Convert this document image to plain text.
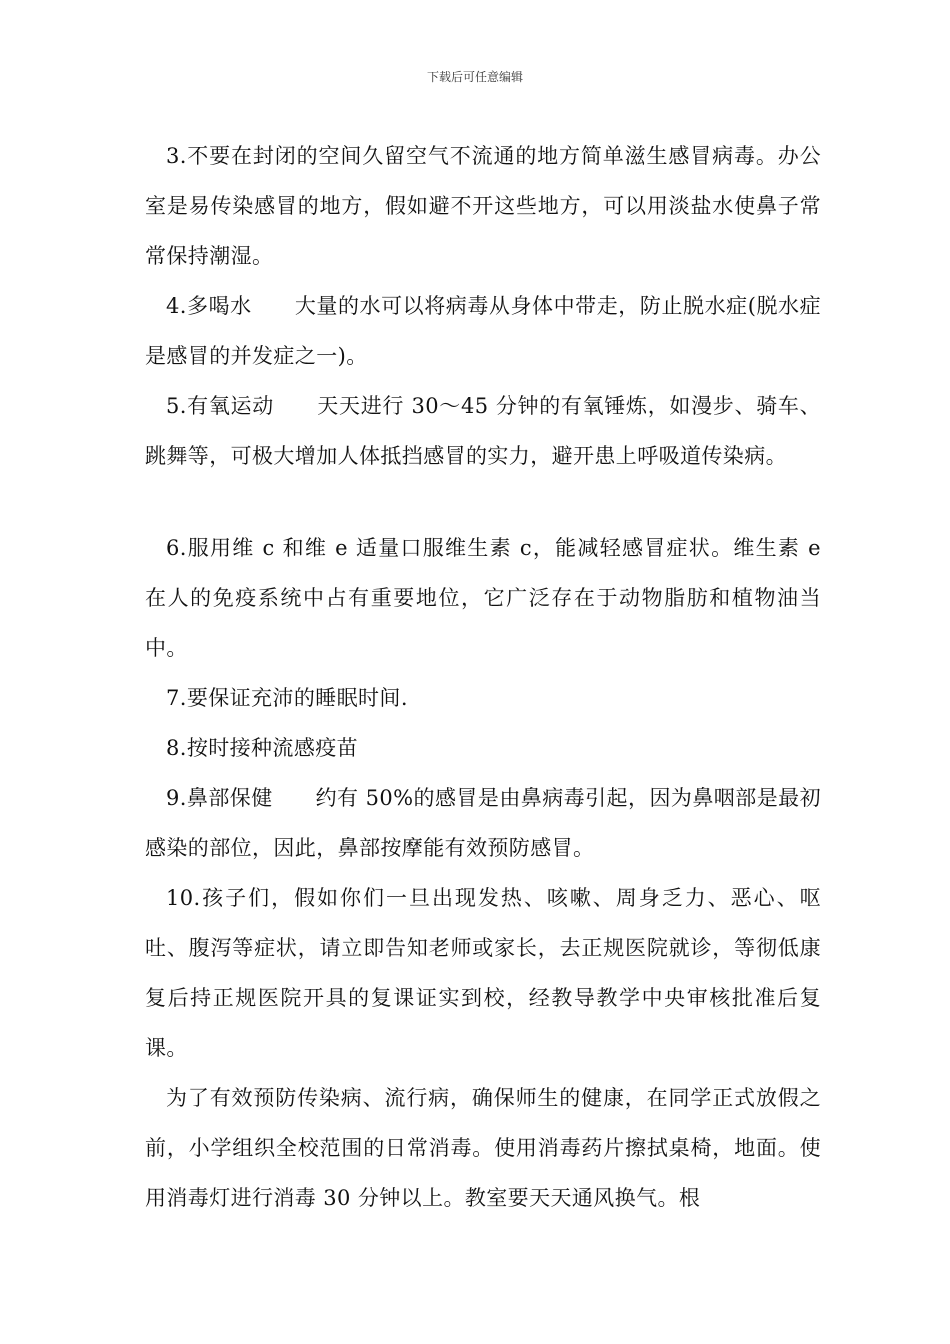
下载后可任意编辑

3.不要在封闭的空间久留空气不流通的地方简单滋生感冒病毒。办公室是易传染感冒的地方，假如避不开这些地方，可以用淡盐水使鼻子常常保持潮湿。

4.多喝水　　大量的水可以将病毒从身体中带走，防止脱水症(脱水症是感冒的并发症之一)。

5.有氧运动　　天天进行 30～45 分钟的有氧锤炼，如漫步、骑车、跳舞等，可极大增加人体抵挡感冒的实力，避开患上呼吸道传染病。

6.服用维 c 和维 e 适量口服维生素 c，能减轻感冒症状。维生素 e 在人的免疫系统中占有重要地位，它广泛存在于动物脂肪和植物油当中。

7.要保证充沛的睡眠时间.

8.按时接种流感疫苗

9.鼻部保健　　约有 50%的感冒是由鼻病毒引起，因为鼻咽部是最初感染的部位，因此，鼻部按摩能有效预防感冒。

10.孩子们，假如你们一旦出现发热、咳嗽、周身乏力、恶心、呕吐、腹泻等症状，请立即告知老师或家长，去正规医院就诊，等彻低康复后持正规医院开具的复课证实到校，经教导教学中央审核批准后复课。

为了有效预防传染病、流行病，确保师生的健康，在同学正式放假之前，小学组织全校范围的日常消毒。使用消毒药片擦拭桌椅，地面。使用消毒灯进行消毒 30 分钟以上。教室要天天通风换气。根
